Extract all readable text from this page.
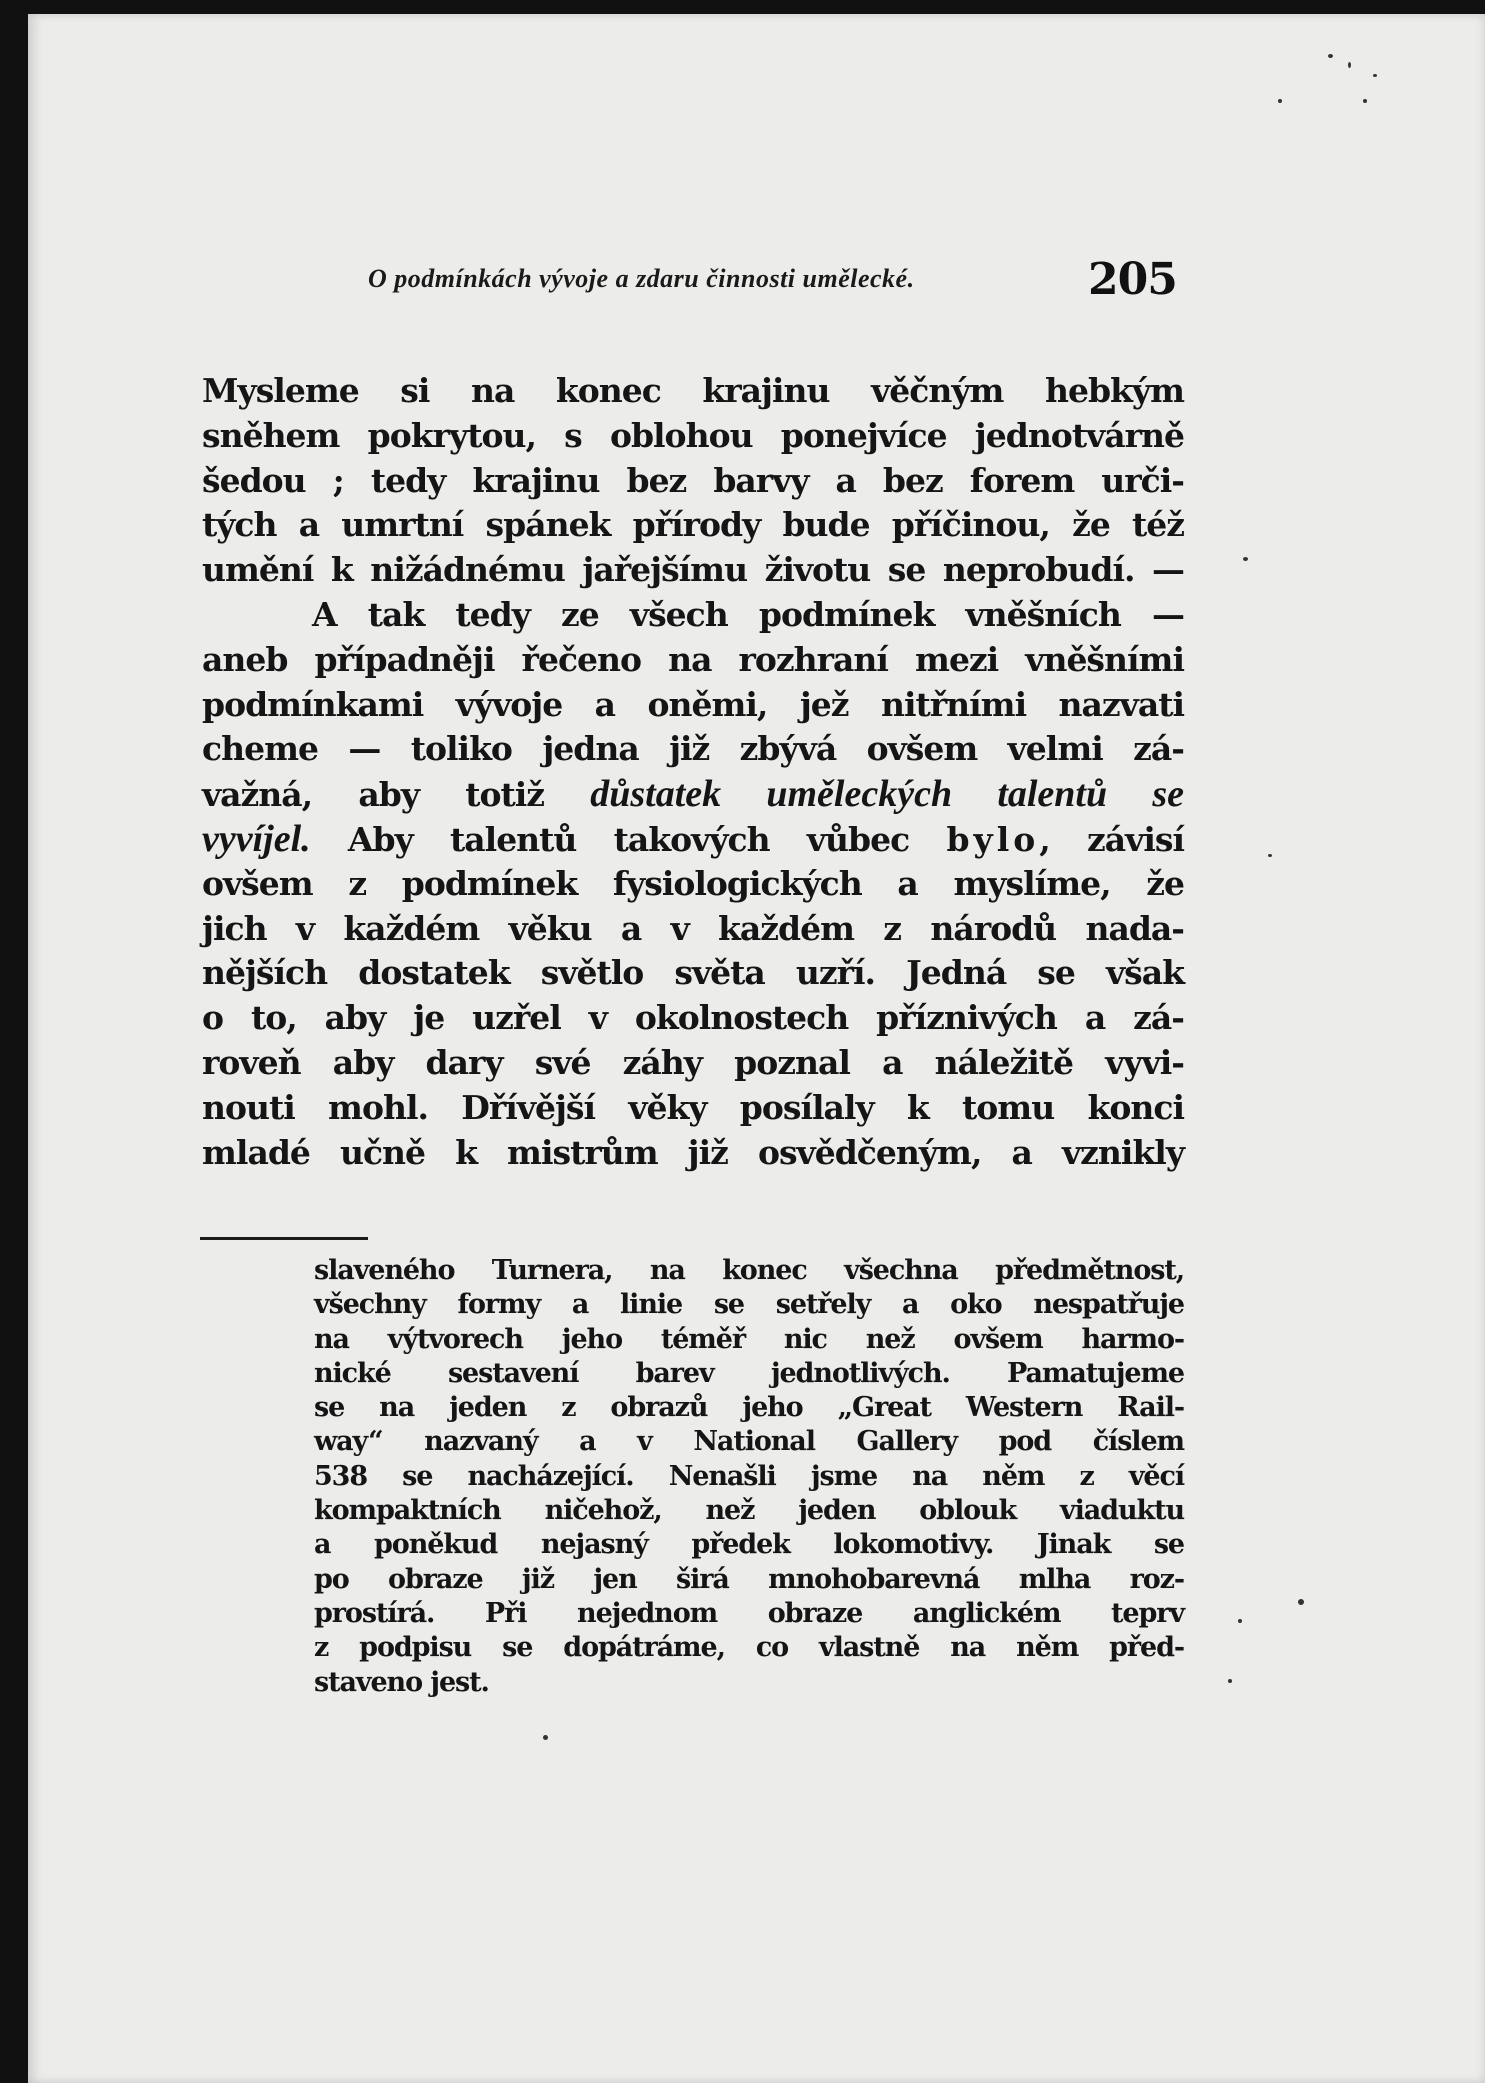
O podmínkách vývoje a zdaru činnosti umělecké.	205
Mysleme si na konec krajinu věčným hebkým
sněhem pokrytou, s oblohou ponejvíce jednotvárně
šedou ; tedy krajinu bez barvy a bez forem urči-
tých a umrtní spánek přírody bude příčinou, že též
umění k nižádnému jařejšímu životu se neprobudí. —
A tak tedy ze všech podmínek vněšních —
aneb případněji řečeno na rozhraní mezi vněšními
podmínkami vývoje a oněmi, jež nitřními nazvati
cheme — toliko jedna již zbývá ovšem velmi zá-
važná, aby totiž důstatek uměleckých talentů se
vyvíjel. Aby talentů takových vůbec bylo, závisí
ovšem z podmínek fysiologických a myslíme, že
jich v každém věku a v každém z národů nada-
nějších dostatek světlo světa uzří. Jedná se však
o to, aby je uzřel v okolnostech příznivých a zá-
roveň aby dary své záhy poznal a náležitě vyvi-
nouti mohl. Dřívější věky posílaly k tomu konci
mladé učně k mistrům již osvědčeným, a vznikly
slaveného Turnera, na konec všechna předmětnost,
všechny formy a linie se setřely a oko nespatřuje
na výtvorech jeho téměř nic než ovšem harmo-
nické sestavení barev jednotlivých. Pamatujeme
se na jeden z obrazů jeho „Great Western Rail-
way“ nazvaný a v National Gallery pod číslem
538 se nacházející. Nenašli jsme na něm z věcí
kompaktních ničehož, než jeden oblouk viaduktu
a poněkud nejasný předek lokomotivy. Jinak se
po obraze již jen širá mnohobarevná mlha roz-
prostírá. Při nejednom obraze anglickém teprv
z podpisu se dopátráme, co vlastně na něm před-
staveno jest.
